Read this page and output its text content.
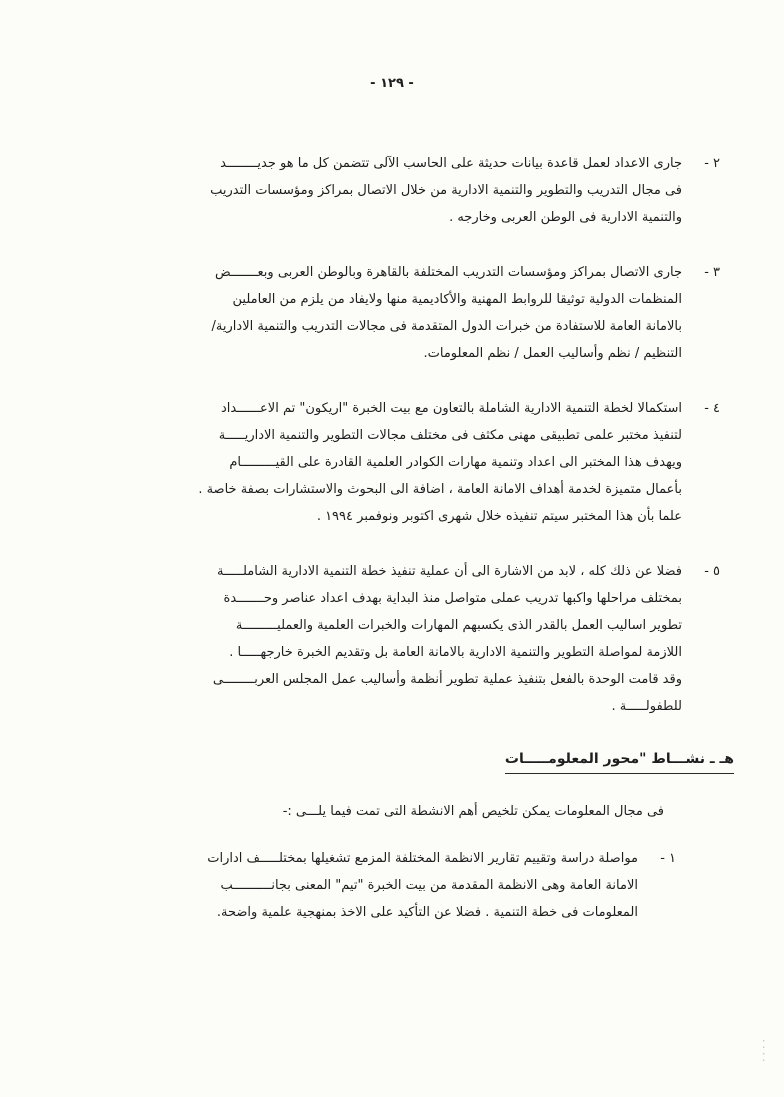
- ١٢٩ -
٢ -
جارى الاعداد لعمل قاعدة بيانات حديثة على الحاسب الآلى تتضمن كل ما هو جديــــــــد
فى مجال التدريب والتطوير والتنمية الادارية من خلال الاتصال بمراكز ومؤسسات التدريب
والتنمية الادارية فى الوطن العربى وخارجه .
٣ -
جارى الاتصال بمراكز ومؤسسات التدريب المختلفة بالقاهرة وبالوطن العربى وبعـــــــض
المنظمات الدولية توثيقا للروابط المهنية والأكاديمية منها ولايفاد من يلزم من العاملين
بالامانة العامة للاستفادة من خبرات الدول المتقدمة فى مجالات التدريب والتنمية الادارية/
التنظيم / نظم وأساليب العمل / نظم المعلومات.
٤ -
استكمالا لخطة التنمية الادارية الشاملة بالتعاون مع بيت الخبرة "اريكون" تم الاعــــــداد
لتنفيذ مختبر علمى تطبيقى مهنى مكثف فى مختلف مجالات التطوير والتنمية الاداريـــــة
ويهدف هذا المختبر الى اعداد وتنمية مهارات الكوادر العلمية القادرة على القيـــــــــام
بأعمال متميزة لخدمة أهداف الامانة العامة ، اضافة الى البحوث والاستشارات بصفة خاصة .
علما بأن هذا المختبر سيتم تنفيذه خلال شهرى اكتوبر ونوفمبر ١٩٩٤ .
٥ -
فضلا عن ذلك كله ، لابد من الاشارة الى أن عملية تنفيذ خطة التنمية الادارية الشاملـــــة
بمختلف مراحلها واكبها تدريب عملى متواصل منذ البداية بهدف اعداد عناصر وحـــــــدة
تطوير اساليب العمل بالقدر الذى يكسبهم المهارات والخبرات العلمية والعمليـــــــــة
اللازمة لمواصلة التطوير والتنمية الادارية بالامانة العامة بل وتقديم الخبرة خارجهـــــا .
وقد قامت الوحدة بالفعل بتنفيذ عملية تطوير أنظمة وأساليب عمل المجلس العربــــــــى
للطفولـــــة .
هـ ـ نشـــاط "محور المعلومـــــات
فى مجال المعلومات يمكن تلخيص أهم الانشطة التى تمت فيما يلـــى :-
١ -
مواصلة دراسة وتقييم تقارير الانظمة المختلفة المزمع تشغيلها بمختلـــــف ادارات
الامانة العامة وهى الانظمة المقدمة من بيت الخبرة "تيم" المعنى بجانــــــــــب
المعلومات فى خطة التنمية . فضلا عن التأكيد على الاخذ بمنهجية علمية واضحة.
····
